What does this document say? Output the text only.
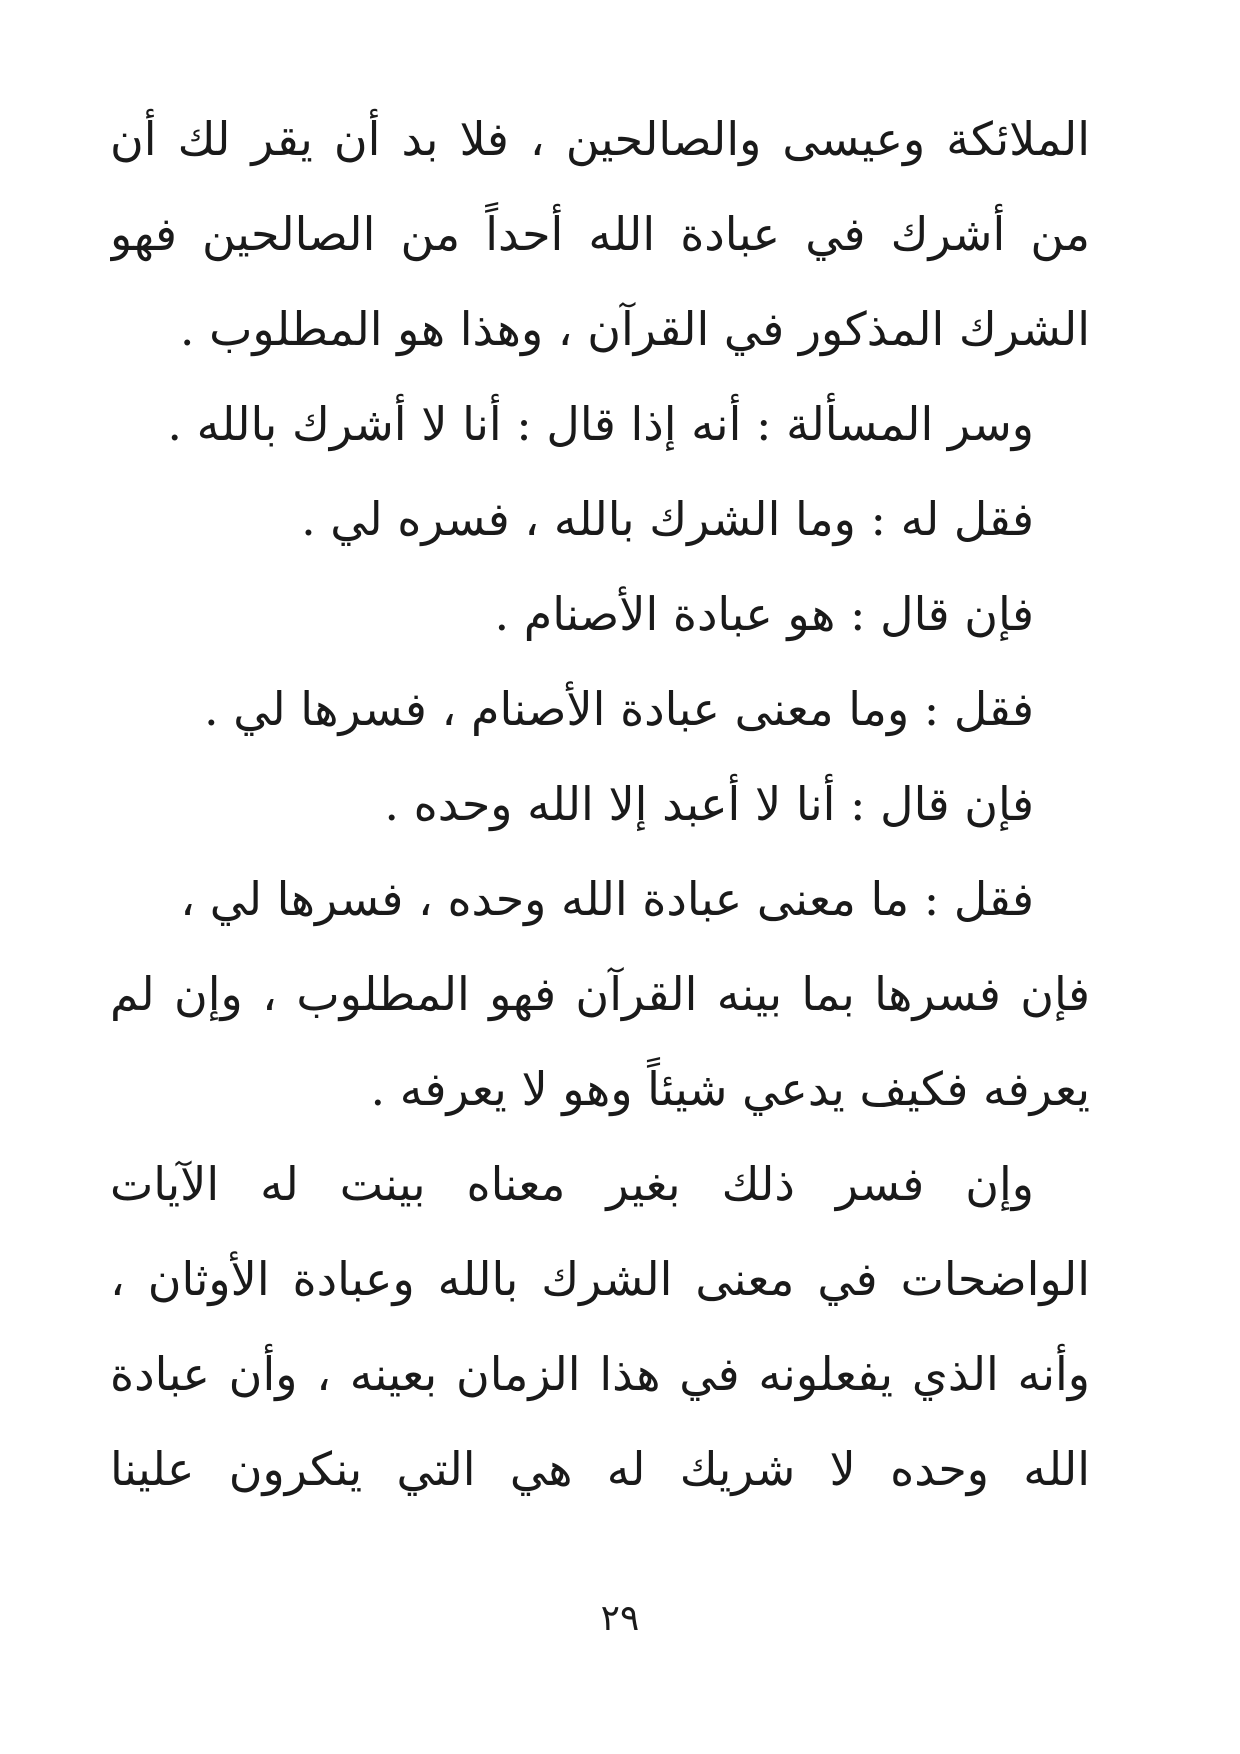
الملائكة وعيسى والصالحين ، فلا بد أن يقر لك أن
من أشرك في عبادة الله أحداً من الصالحين فهو
الشرك المذكور في القرآن ، وهذا هو المطلوب .
وسر المسألة : أنه إذا قال : أنا لا أشرك بالله .
فقل له : وما الشرك بالله ، فسره لي .
فإن قال : هو عبادة الأصنام .
فقل : وما معنى عبادة الأصنام ، فسرها لي .
فإن قال : أنا لا أعبد إلا الله وحده .
فقل : ما معنى عبادة الله وحده ، فسرها لي ،
فإن فسرها بما بينه القرآن فهو المطلوب ، وإن لم
يعرفه فكيف يدعي شيئاً وهو لا يعرفه .
وإن فسر ذلك بغير معناه بينت له الآيات
الواضحات في معنى الشرك بالله وعبادة الأوثان ،
وأنه الذي يفعلونه في هذا الزمان بعينه ، وأن عبادة
الله وحده لا شريك له هي التي ينكرون علينا
٢٩
